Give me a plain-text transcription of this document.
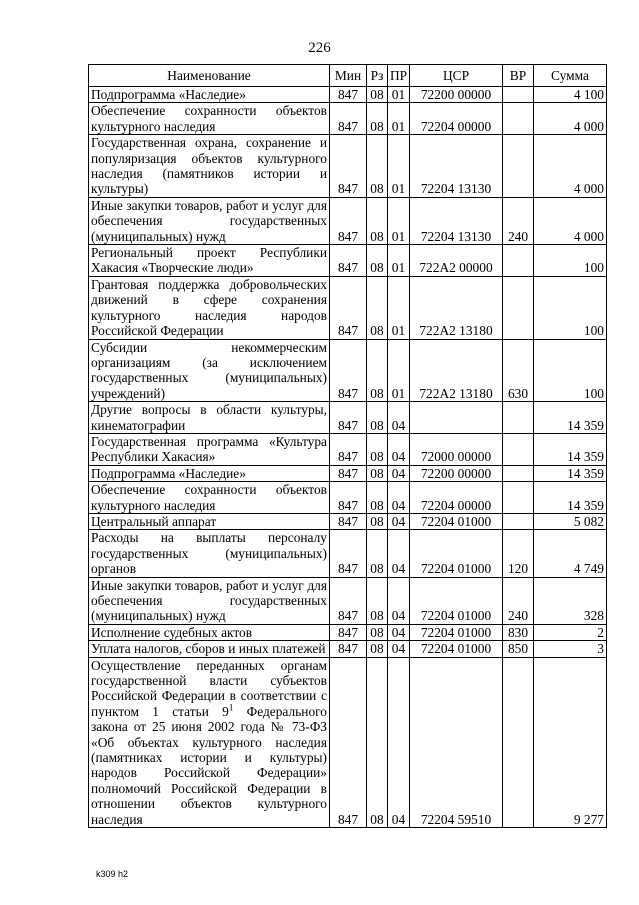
226
Наименование	Мин	Рз	ПР	ЦСР	ВР	Сумма
Подпрограмма «Наследие»	847	08	01	72200 00000		4 100
Обеспечение сохранности объектов культурного наследия	847	08	01	72204 00000		4 000
Государственная охрана, сохранение и популяризация объектов культурного наследия (памятников истории и культуры)	847	08	01	72204 13130		4 000
Иные закупки товаров, работ и услуг для обеспечения государственных (муниципальных) нужд	847	08	01	72204 13130	240	4 000
Региональный проект Республики Хакасия «Творческие люди»	847	08	01	722А2 00000		100
Грантовая поддержка добровольческих движений в сфере сохранения культурного наследия народов Российской Федерации	847	08	01	722А2 13180		100
Субсидии некоммерческим организациям (за исключением государственных (муниципальных) учреждений)	847	08	01	722А2 13180	630	100
Другие вопросы в области культуры, кинематографии	847	08	04			14 359
Государственная программа «Культура Республики Хакасия»	847	08	04	72000 00000		14 359
Подпрограмма «Наследие»	847	08	04	72200 00000		14 359
Обеспечение сохранности объектов культурного наследия	847	08	04	72204 00000		14 359
Центральный аппарат	847	08	04	72204 01000		5 082
Расходы на выплаты персоналу государственных (муниципальных) органов	847	08	04	72204 01000	120	4 749
Иные закупки товаров, работ и услуг для обеспечения государственных (муниципальных) нужд	847	08	04	72204 01000	240	328
Исполнение судебных актов	847	08	04	72204 01000	830	2
Уплата налогов, сборов и иных платежей	847	08	04	72204 01000	850	3
Осуществление переданных органам государственной власти субъектов Российской Федерации в соответствии с пунктом 1 статьи $9^1$ Федерального закона от 25 июня 2002 года № 73-ФЗ «Об объектах культурного наследия (памятниках истории и культуры) народов Российской Федерации» полномочий Российской Федерации в отношении объектов культурного наследия	847	08	04	72204 59510		9 277
k309 h2
